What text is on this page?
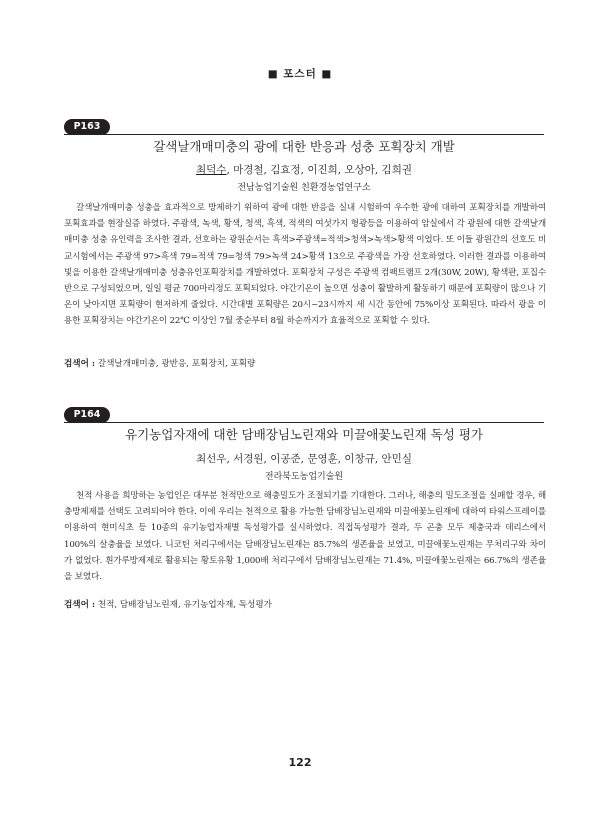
■ 포스터 ■
P163
갈색날개매미충의 광에 대한 반응과 성충 포획장치 개발
최덕수, 마경철, 김효정, 이진희, 오상아, 김희권
전남농업기술원 친환경농업연구소
갈색날개매미충 성충을 효과적으로 방제하기 위하여 광에 대한 반응을 실내 시험하여 우수한 광에 대하여 포획장치를 개발하여 포획효과를 현장실증 하였다. 주광색, 녹색, 황색, 청색, 흑색, 적색의 여섯가지 형광등을 이용하여 암실에서 각 광원에 대한 갈색날개매미충 성충 유인력을 조사한 결과, 선호하는 광원순서는 흑색>주광색=적색>청색>녹색>황색 이었다. 또 이들 광원간의 선호도 비교시험에서는 주광색 97>흑색 79=적색 79=청색 79>녹색 24>황색 13으로 주광색을 가장 선호하였다. 이러한 결과를 이용하여 빛을 이용한 갈색날개매미충 성충유인포획장치를 개발하였다. 포획장치 구성은 주광색 컴팩트램프 2개(30W, 20W), 황색판, 포집수반으로 구성되었으며, 일일 평균 700마리정도 포획되었다. 야간기온이 높으면 성충이 활발하게 활동하기 때문에 포획량이 많으나 기온이 낮아지면 포획량이 현저하게 줄었다. 시간대별 포획량은 20시~23시까지 세 시간 동안에 75%이상 포획된다. 따라서 광을 이용한 포획장치는 야간기온이 22℃ 이상인 7월 중순부터 8월 하순까지가 효율적으로 포획할 수 있다.
검색어 : 갈색날개매미충, 광반응, 포획장치, 포획량
P164
유기농업자재에 대한 담배장님노린재와 미끌애꽃노린재 독성 평가
최선우, 서경원, 이공준, 문영훈, 이창규, 안민실
전라북도농업기술원
천적 사용을 희망하는 농업인은 대부분 천적만으로 해충밀도가 조절되기를 기대한다. 그러나, 해충의 밀도조절을 실패할 경우, 해충방제제를 선택도 고려되어야 한다. 이에 우리는 천적으로 활용 가능한 담배장님노린재와 미끌애꽃노린재에 대하여 타워스프레이를 이용하여 현미식초 등 10종의 유기농업자재별 독성평가를 실시하였다. 직접독성평가 결과, 두 곤충 모두 제충국과 데리스에서 100%의 살충율을 보였다. 니코틴 처리구에서는 담배장님노린재는 85.7%의 생존율을 보였고, 미끌애꽃노린재는 무처리구와 차이가 없었다. 흰가루방제제로 활용되는 황토유황 1,000배 처리구에서 담배장님노린재는 71.4%, 미끌애꽃노린재는 66.7%의 생존율을 보였다.
검색어 : 천적, 담배장님노린재, 유기농업자재, 독성평가
122
